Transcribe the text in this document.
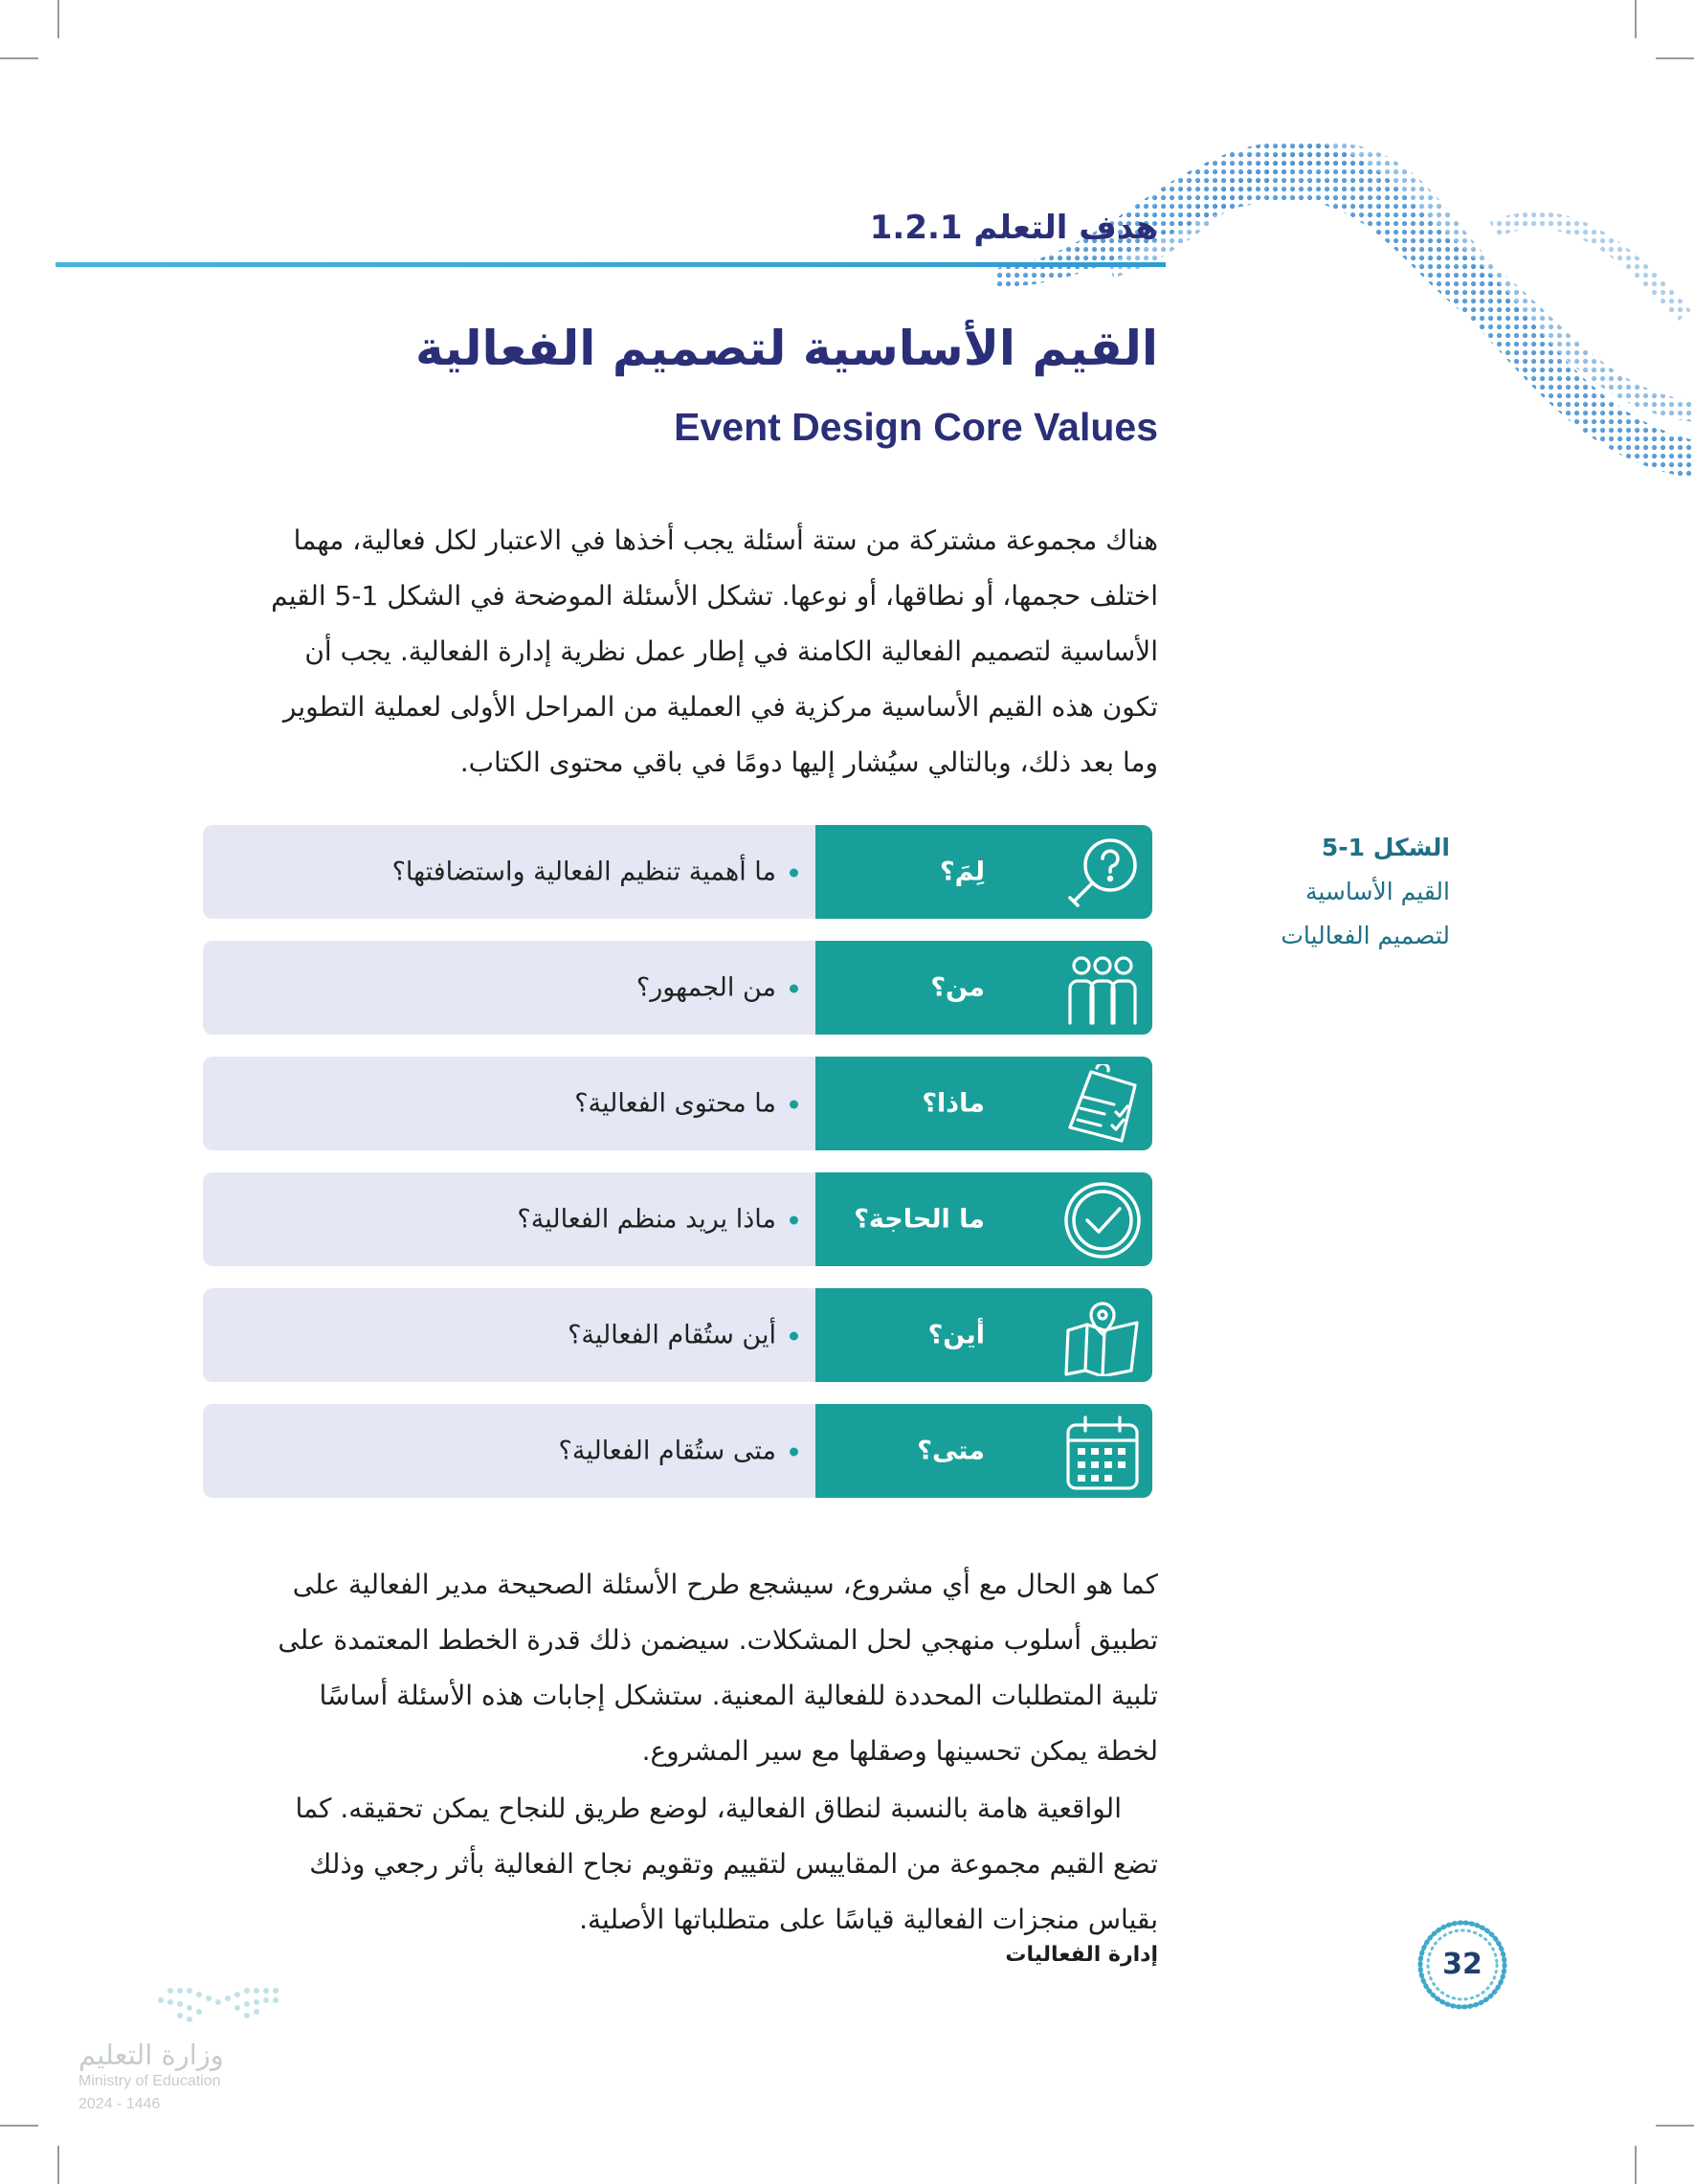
هدف التعلم 1.2.1
القيم الأساسية لتصميم الفعالية
Event Design Core Values
هناك مجموعة مشتركة من ستة أسئلة يجب أخذها في الاعتبار لكل فعالية، مهما
اختلف حجمها، أو نطاقها، أو نوعها. تشكل الأسئلة الموضحة في الشكل 1-5 القيم
الأساسية لتصميم الفعالية الكامنة في إطار عمل نظرية إدارة الفعالية. يجب أن
تكون هذه القيم الأساسية مركزية في العملية من المراحل الأولى لعملية التطوير
وما بعد ذلك، وبالتالي سيُشار إليها دومًا في باقي محتوى الكتاب.
الشكل 1-5
القيم الأساسية
لتصميم الفعاليات
لِمَ؟
ما أهمية تنظيم الفعالية واستضافتها؟
من؟
من الجمهور؟
ماذا؟
ما محتوى الفعالية؟
ما الحاجة؟
ماذا يريد منظم الفعالية؟
أين؟
أين ستُقام الفعالية؟
متى؟
متى ستُقام الفعالية؟
كما هو الحال مع أي مشروع، سيشجع طرح الأسئلة الصحيحة مدير الفعالية على
تطبيق أسلوب منهجي لحل المشكلات. سيضمن ذلك قدرة الخطط المعتمدة على
تلبية المتطلبات المحددة للفعالية المعنية. ستشكل إجابات هذه الأسئلة أساسًا
لخطة يمكن تحسينها وصقلها مع سير المشروع.
الواقعية هامة بالنسبة لنطاق الفعالية، لوضع طريق للنجاح يمكن تحقيقه. كما
تضع القيم مجموعة من المقاييس لتقييم وتقويم نجاح الفعالية بأثر رجعي وذلك
بقياس منجزات الفعالية قياسًا على متطلباتها الأصلية.
32
إدارة الفعاليات
وزارة التعليم
Ministry of Education
2024 - 1446
